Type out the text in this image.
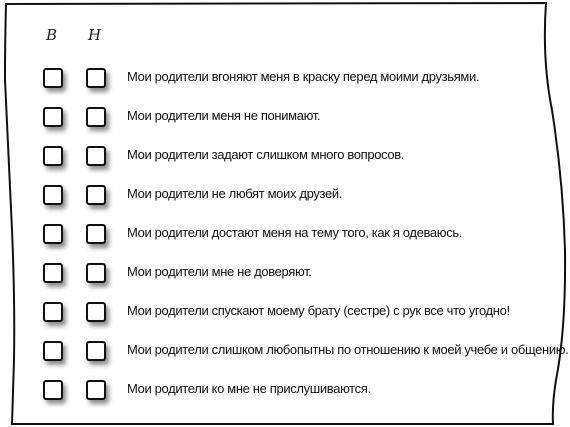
В Н
Мои родители вгоняют меня в краску перед моими друзьями.
Мои родители меня не понимают.
Мои родители задают слишком много вопросов.
Мои родители не любят моих друзей.
Мои родители достают меня на тему того, как я одеваюсь.
Мои родители мне не доверяют.
Мои родители спускают моему брату (сестре) с рук все что угодно!
Мои родители слишком любопытны по отношению к моей учебе и общению.
Мои родители ко мне не прислушиваются.
